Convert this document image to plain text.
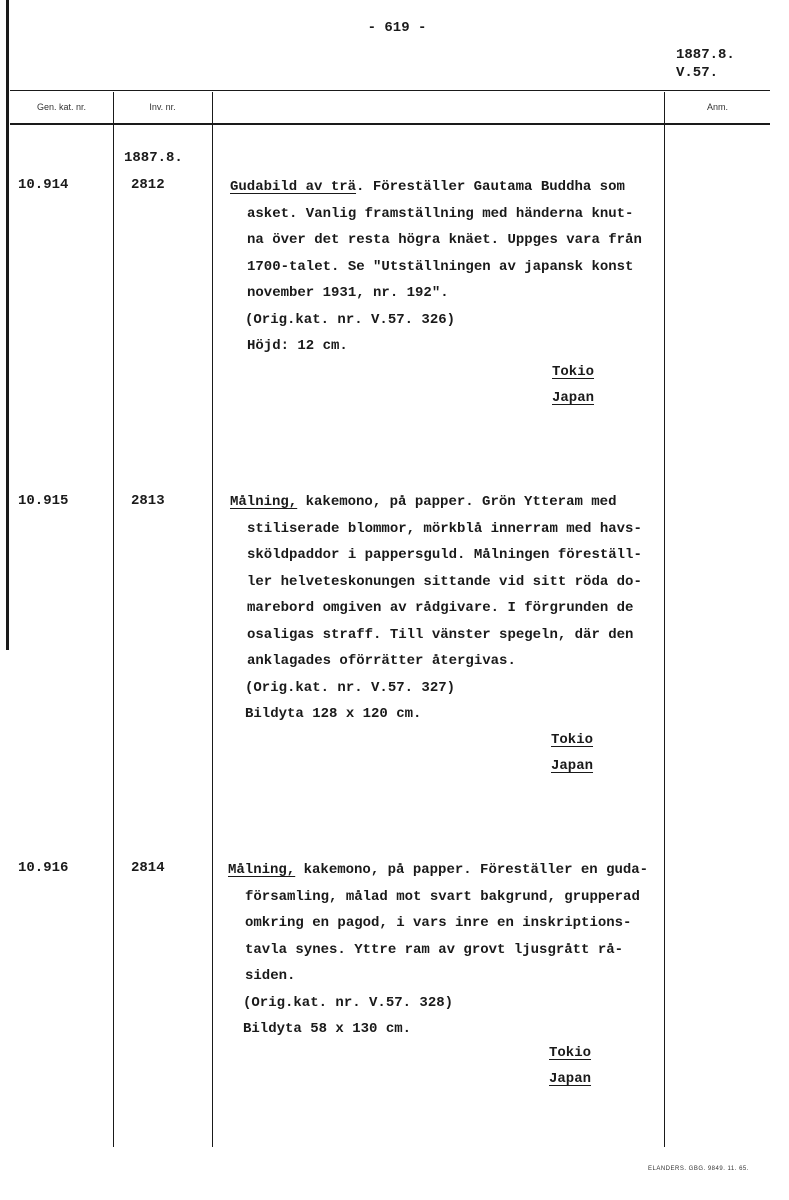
- 619 -
1887.8.
V.57.
Gen. kat. nr.	Inv. nr.	Anm.
1887.8.
10.914	2812	Gudabild av trä. Föreställer Gautama Buddha som
asket. Vanlig framställning med händerna knut-
na över det resta högra knäet. Uppges vara från
1700-talet. Se "Utställningen av japansk konst
november 1931, nr. 192".
(Orig.kat. nr. V.57. 326)
Höjd: 12 cm.
Tokio
Japan
10.915	2813	Målning, kakemono, på papper. Grön Ytteram med
stiliserade blommor, mörkblå innerram med havs-
sköldpaddor i pappersguld. Målningen föreställ-
ler helveteskonungen sittande vid sitt röda do-
marebord omgiven av rådgivare. I förgrunden de
osaligas straff. Till vänster spegeln, där den
anklagades oförrätter återgivas.
(Orig.kat. nr. V.57. 327)
Bildyta 128 x 120 cm.
Tokio
Japan
10.916	2814	Målning, kakemono, på papper. Föreställer en guda-
församling, målad mot svart bakgrund, grupperad
omkring en pagod, i vars inre en inskriptions-
tavla synes. Yttre ram av grovt ljusgrått rå-
siden.
(Orig.kat. nr. V.57. 328)
Bildyta 58 x 130 cm.
Tokio
Japan
ELANDERS. GBG. 9849. 11. 65.
